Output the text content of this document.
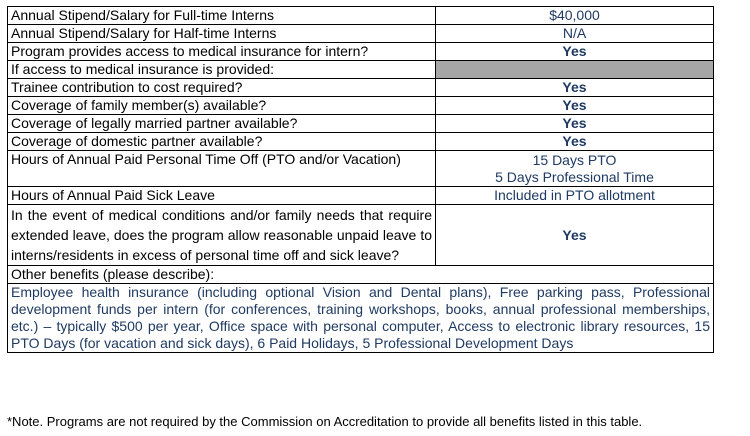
Annual Stipend/Salary for Full-time Interns	$40,000
Annual Stipend/Salary for Half-time Interns	N/A
Program provides access to medical insurance for intern?	Yes
If access to medical insurance is provided:	
Trainee contribution to cost required?	Yes
Coverage of family member(s) available?	Yes
Coverage of legally married partner available?	Yes
Coverage of domestic partner available?	Yes
Hours of Annual Paid Personal Time Off (PTO and/or Vacation)	15 Days PTO
5 Days Professional Time

Hours of Annual Paid Sick Leave	Included in PTO allotment
In the event of medical conditions and/or family needs that require extended leave, does the program allow reasonable unpaid leave to interns/residents in excess of personal time off and sick leave?	Yes
Other benefits (please describe):	
Employee health insurance (including optional Vision and Dental plans), Free parking pass, Professional development funds per intern (for conferences, training workshops, books, annual professional memberships, etc.) – typically $500 per year, Office space with personal computer, Access to electronic library resources, 15 PTO Days (for vacation and sick days), 6 Paid Holidays, 5 Professional Development Days	
*Note. Programs are not required by the Commission on Accreditation to provide all benefits listed in this table.
